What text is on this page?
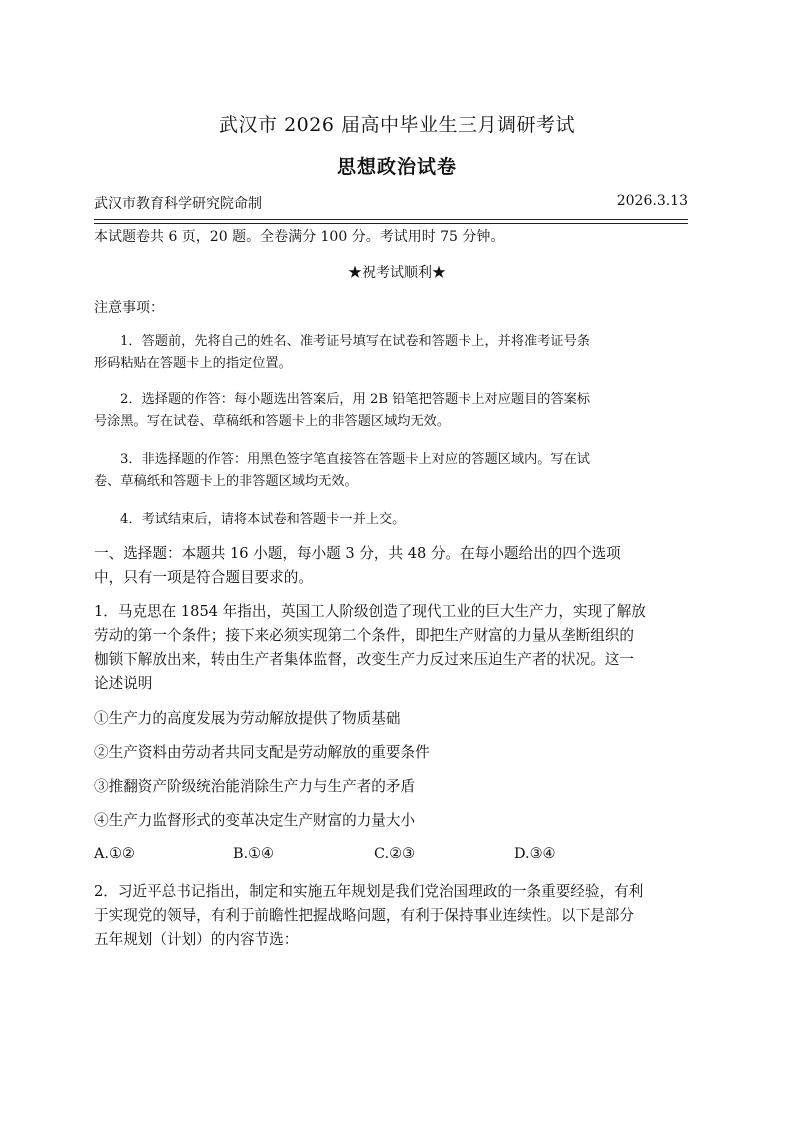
武汉市 2026 届高中毕业生三月调研考试
思想政治试卷
武汉市教育科学研究院命制	2026.3.13
本试题卷共 6 页，20 题。全卷满分 100 分。考试用时 75 分钟。
★祝考试顺利★
注意事项：
1．答题前，先将自己的姓名、准考证号填写在试卷和答题卡上，并将准考证号条
形码粘贴在答题卡上的指定位置。
2．选择题的作答：每小题选出答案后，用 2B 铅笔把答题卡上对应题目的答案标
号涂黑。写在试卷、草稿纸和答题卡上的非答题区域均无效。
3．非选择题的作答：用黑色签字笔直接答在答题卡上对应的答题区域内。写在试
卷、草稿纸和答题卡上的非答题区域均无效。
4．考试结束后，请将本试卷和答题卡一并上交。
一、选择题：本题共 16 小题，每小题 3 分，共 48 分。在每小题给出的四个选项
中，只有一项是符合题目要求的。
1．马克思在 1854 年指出，英国工人阶级创造了现代工业的巨大生产力，实现了解放
劳动的第一个条件；接下来必须实现第二个条件，即把生产财富的力量从垄断组织的
枷锁下解放出来，转由生产者集体监督，改变生产力反过来压迫生产者的状况。这一
论述说明
①生产力的高度发展为劳动解放提供了物质基础
②生产资料由劳动者共同支配是劳动解放的重要条件
③推翻资产阶级统治能消除生产力与生产者的矛盾
④生产力监督形式的变革决定生产财富的力量大小
A.①②	B.①④	C.②③	D.③④
2．习近平总书记指出，制定和实施五年规划是我们党治国理政的一条重要经验，有利
于实现党的领导，有利于前瞻性把握战略问题，有利于保持事业连续性。以下是部分
五年规划（计划）的内容节选：
